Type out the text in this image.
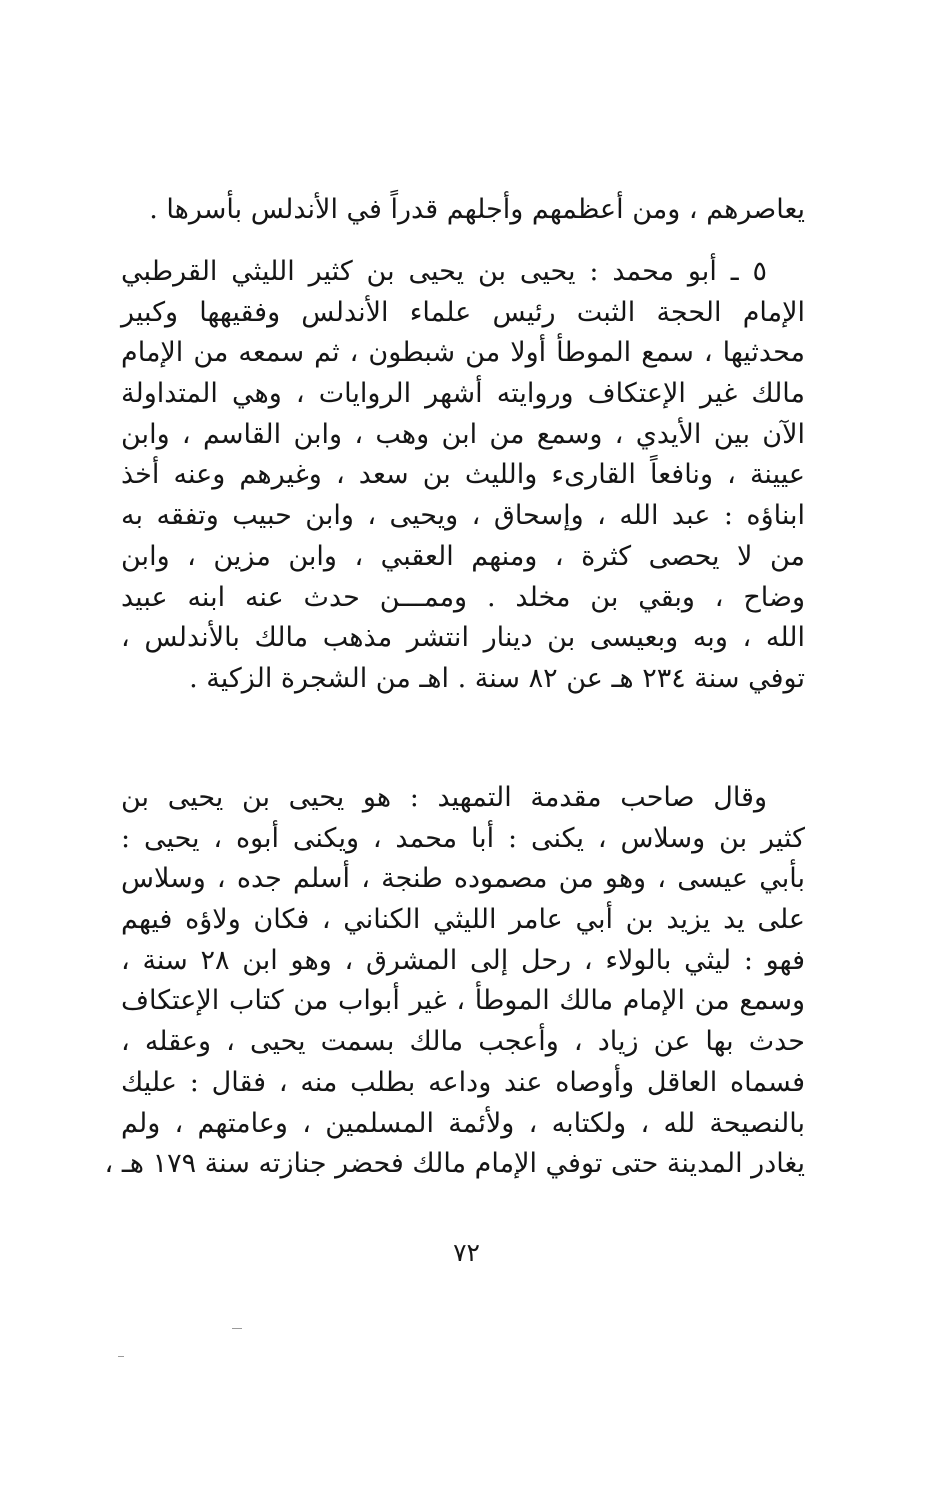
يعاصرهم ، ومن أعظمهم وأجلهم قدراً في الأندلس بأسرها .
٥ ـ أبو محمد : يحيى بن يحيى بن كثير الليثي القرطبي
الإمام الحجة الثبت رئيس علماء الأندلس وفقيهها وكبير
محدثيها ، سمع الموطأ أولا من شبطون ، ثم سمعه من الإمام
مالك غير الإعتكاف وروايته أشهر الروايات ، وهي المتداولة
الآن بين الأيدي ، وسمع من ابن وهب ، وابن القاسم ، وابن
عيينة ، ونافعاً القارىء والليث بن سعد ، وغيرهم وعنه أخذ
ابناؤه : عبد الله ، وإسحاق ، ويحيى ، وابن حبيب وتفقه به
من لا يحصى كثرة ، ومنهم العقبي ، وابن مزين ، وابن
وضاح ، وبقي بن مخلد . وممـــن حدث عنه ابنه عبيد
الله ، وبه وبعيسى بن دينار انتشر مذهب مالك بالأندلس ،
توفي سنة ٢٣٤ هـ عن ٨٢ سنة . اهـ من الشجرة الزكية .
وقال صاحب مقدمة التمهيد : هو يحيى بن يحيى بن
كثير بن وسلاس ، يكنى : أبا محمد ، ويكنى أبوه ، يحيى :
بأبي عيسى ، وهو من مصموده طنجة ، أسلم جده ، وسلاس
على يد يزيد بن أبي عامر الليثي الكناني ، فكان ولاؤه فيهم
فهو : ليثي بالولاء ، رحل إلى المشرق ، وهو ابن ٢٨ سنة ،
وسمع من الإمام مالك الموطأ ، غير أبواب من كتاب الإعتكاف
حدث بها عن زياد ، وأعجب مالك بسمت يحيى ، وعقله ،
فسماه العاقل وأوصاه عند وداعه بطلب منه ، فقال : عليك
بالنصيحة لله ، ولكتابه ، ولأئمة المسلمين ، وعامتهم ، ولم
يغادر المدينة حتى توفي الإمام مالك فحضر جنازته سنة ١٧٩ هـ ،
٧٢
